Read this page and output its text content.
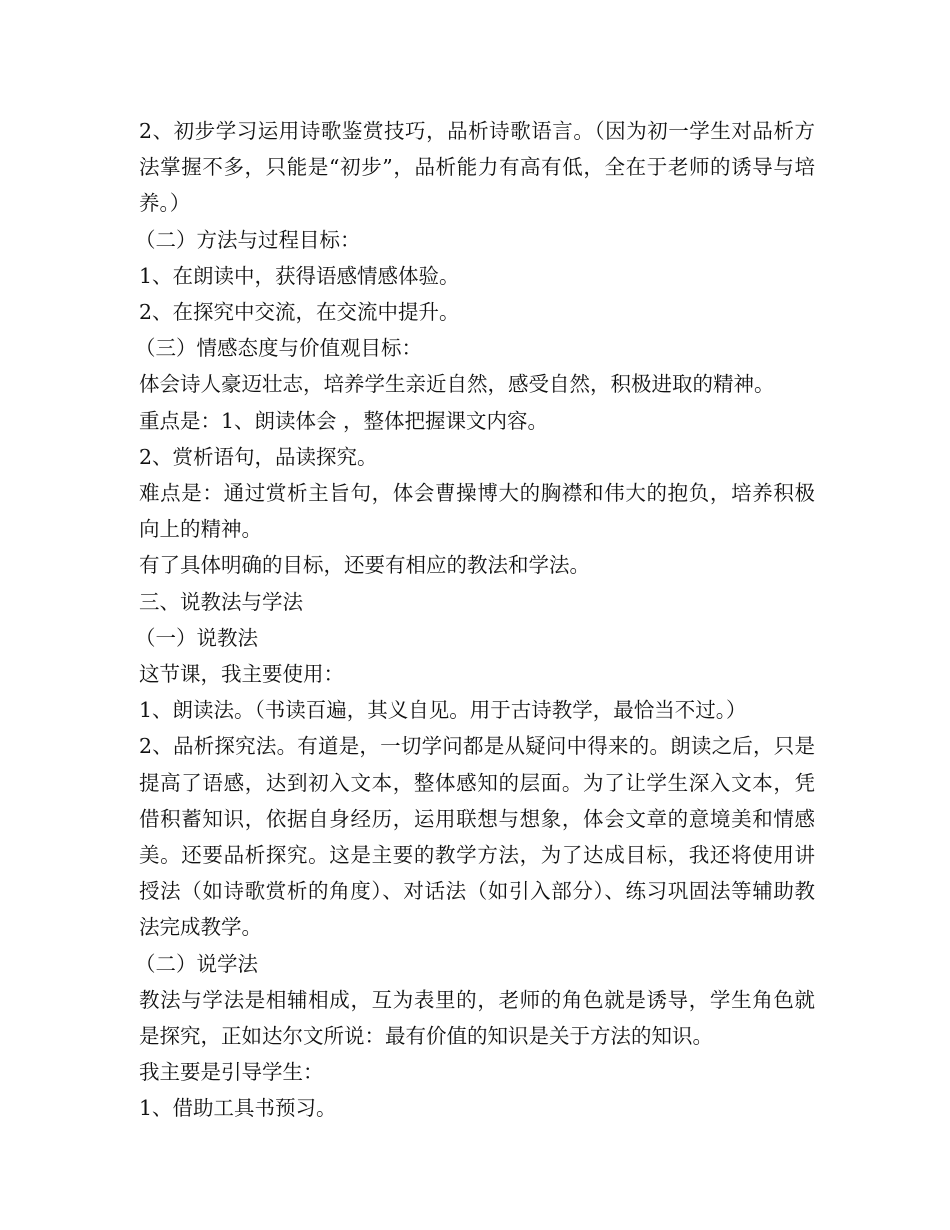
2、初步学习运用诗歌鉴赏技巧，品析诗歌语言。（因为初一学生对品析方法掌握不多，只能是“初步”，品析能力有高有低，全在于老师的诱导与培养。）

（二）方法与过程目标：

1、在朗读中，获得语感情感体验。

2、在探究中交流，在交流中提升。

（三）情感态度与价值观目标：

体会诗人豪迈壮志，培养学生亲近自然，感受自然，积极进取的精神。

重点是：1、朗读体会 ，整体把握课文内容。

2、赏析语句，品读探究。

难点是：通过赏析主旨句，体会曹操博大的胸襟和伟大的抱负，培养积极向上的精神。

有了具体明确的目标，还要有相应的教法和学法。

三、说教法与学法

（一）说教法

这节课，我主要使用：

1、朗读法。（书读百遍，其义自见。用于古诗教学，最恰当不过。）

2、品析探究法。有道是，一切学问都是从疑问中得来的。朗读之后，只是提高了语感，达到初入文本，整体感知的层面。为了让学生深入文本，凭借积蓄知识，依据自身经历，运用联想与想象，体会文章的意境美和情感美。还要品析探究。这是主要的教学方法，为了达成目标，我还将使用讲授法（如诗歌赏析的角度）、对话法（如引入部分）、练习巩固法等辅助教法完成教学。

（二）说学法

教法与学法是相辅相成，互为表里的，老师的角色就是诱导，学生角色就是探究，正如达尔文所说：最有价值的知识是关于方法的知识。

我主要是引导学生：

1、借助工具书预习。
